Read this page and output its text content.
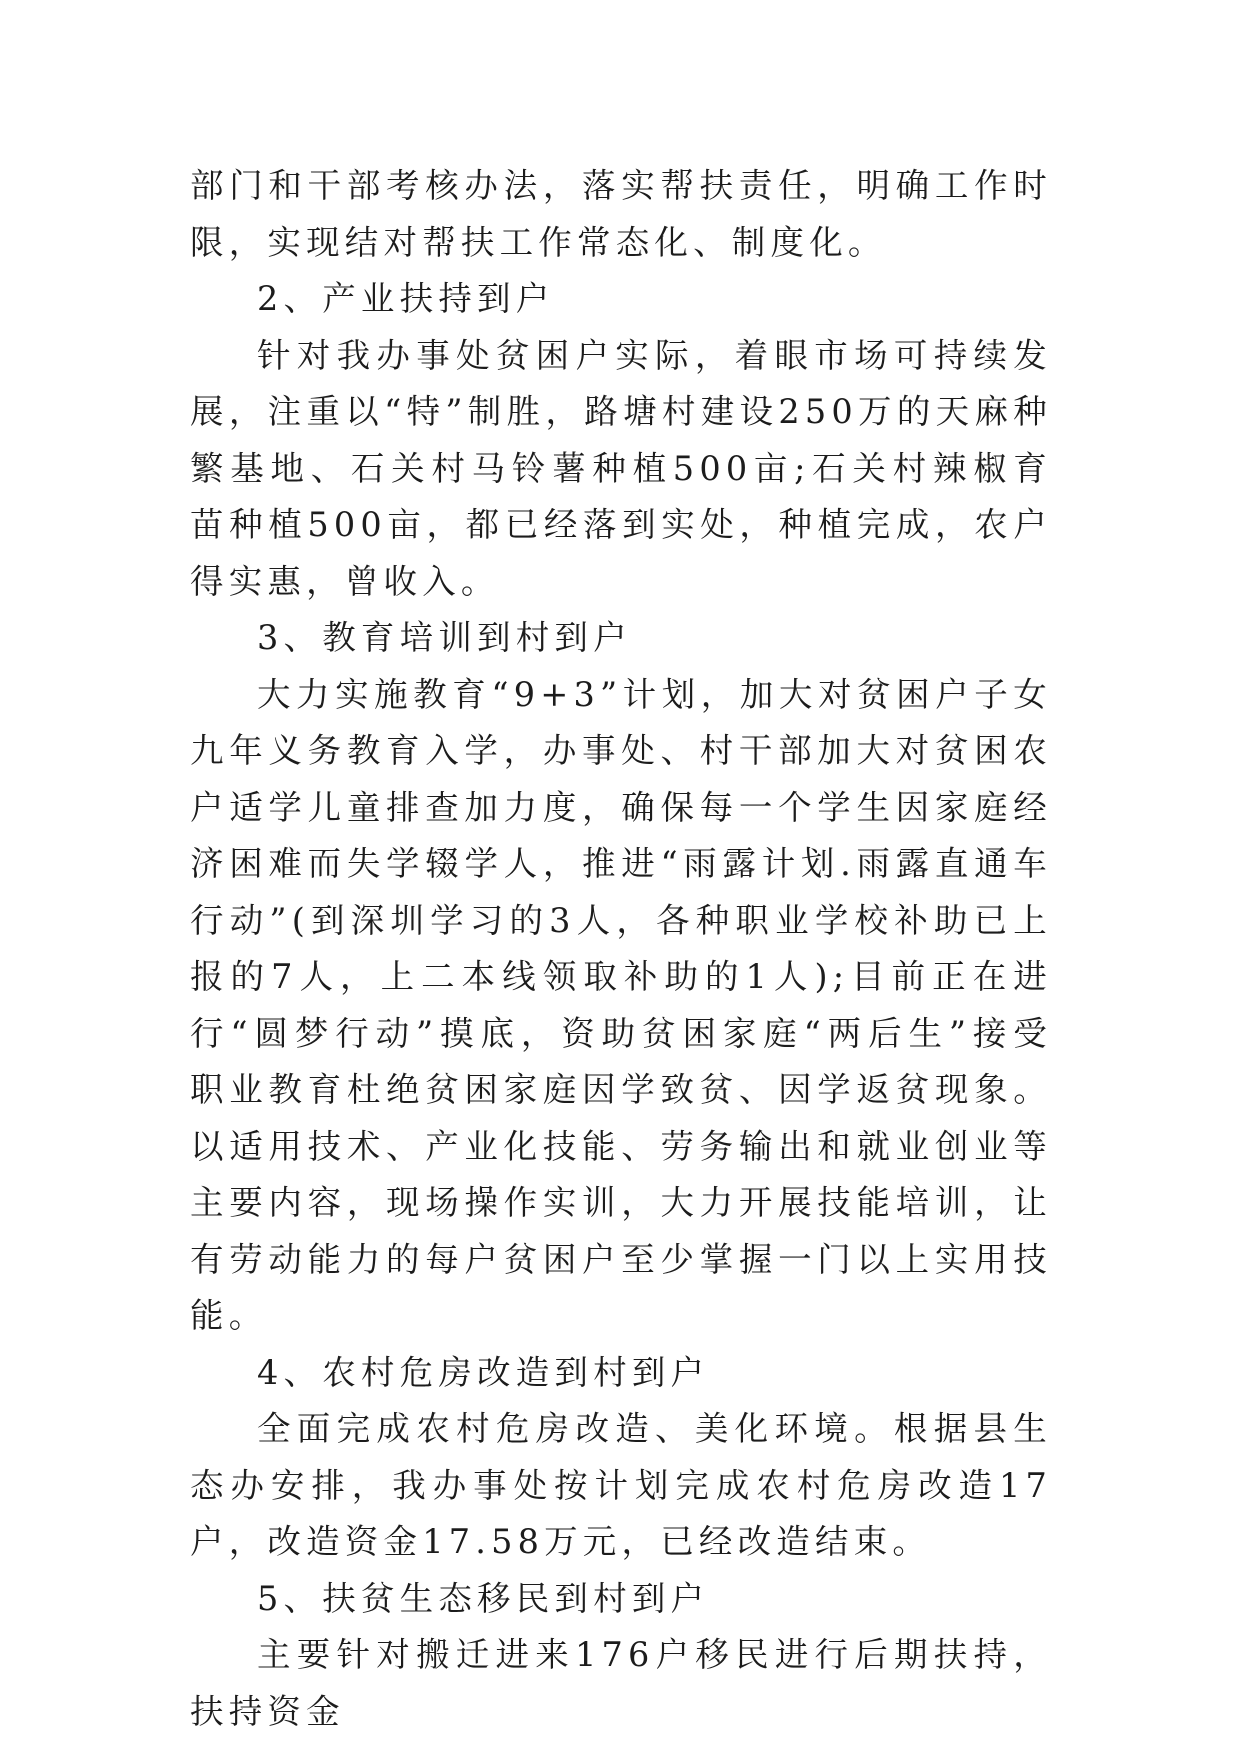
部门和干部考核办法，落实帮扶责任，明确工作时限，实现结对帮扶工作常态化、制度化。

2、产业扶持到户

针对我办事处贫困户实际，着眼市场可持续发展，注重以“特”制胜，路塘村建设250万的天麻种繁基地、石关村马铃薯种植500亩;石关村辣椒育苗种植500亩，都已经落到实处，种植完成，农户得实惠，曾收入。

3、教育培训到村到户

大力实施教育“9+3”计划，加大对贫困户子女九年义务教育入学，办事处、村干部加大对贫困农户适学儿童排查加力度，确保每一个学生因家庭经济困难而失学辍学人，推进“雨露计划.雨露直通车行动”(到深圳学习的3人，各种职业学校补助已上报的7人，上二本线领取补助的1人);目前正在进行“圆梦行动”摸底，资助贫困家庭“两后生”接受职业教育杜绝贫困家庭因学致贫、因学返贫现象。以适用技术、产业化技能、劳务输出和就业创业等主要内容，现场操作实训，大力开展技能培训，让有劳动能力的每户贫困户至少掌握一门以上实用技能。

4、农村危房改造到村到户

全面完成农村危房改造、美化环境。根据县生态办安排，我办事处按计划完成农村危房改造17户，改造资金17.58万元，已经改造结束。

5、扶贫生态移民到村到户

主要针对搬迁进来176户移民进行后期扶持，扶持资金
